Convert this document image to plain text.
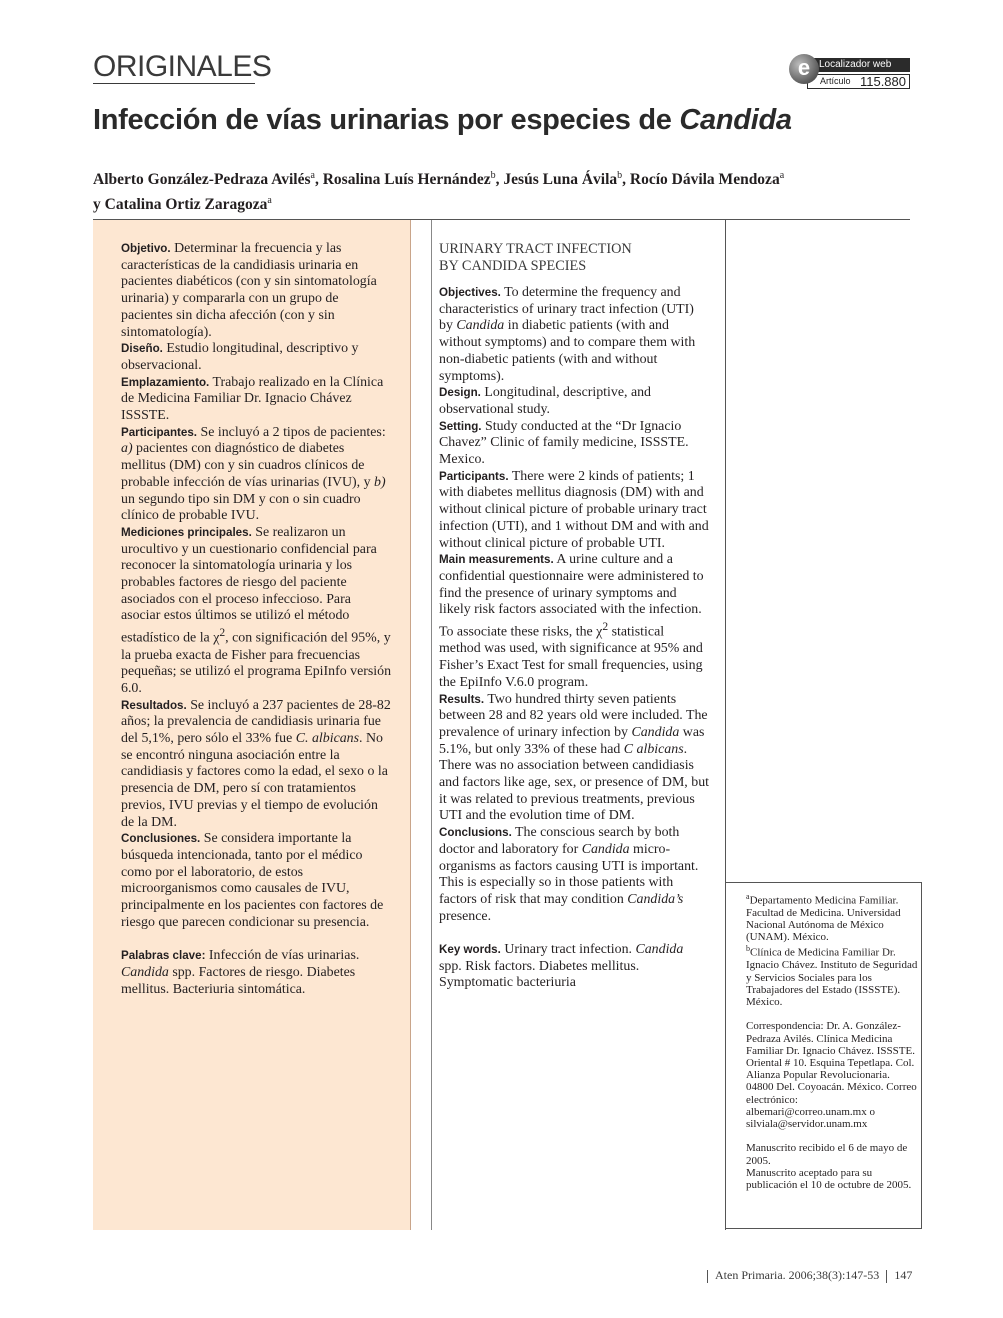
ORIGINALES	Localizador web
Artículo 115.880
e
Infección de vías urinarias por especies de Candida
Alberto González-Pedraza Avilés$^a$, Rosalina Luís Hernández$^b$, Jesús Luna Ávila$^b$, Rocío Dávila Mendoza$^a$
y Catalina Ortiz Zaragoza$^a$

Objetivo. Determinar la frecuencia y las características de la candidiasis urinaria en pacientes diabéticos (con y sin sintomatología urinaria) y compararla con un grupo de pacientes sin dicha afección (con y sin sintomatología).

Diseño. Estudio longitudinal, descriptivo y observacional.

Emplazamiento. Trabajo realizado en la Clínica de Medicina Familiar Dr. Ignacio Chávez ISSSTE.

Participantes. Se incluyó a 2 tipos de pacientes: a) pacientes con diagnóstico de diabetes mellitus (DM) con y sin cuadros clínicos de probable infección de vías urinarias (IVU), y b) un segundo tipo sin DM y con o sin cuadro clínico de probable IVU.

Mediciones principales. Se realizaron un urocultivo y un cuestionario confidencial para reconocer la sintomatología urinaria y los probables factores de riesgo del paciente asociados con el proceso infeccioso. Para asociar estos últimos se utilizó el método estadístico de la $\chi^2$, con significación del 95%, y la prueba exacta de Fisher para frecuencias pequeñas; se utilizó el programa EpiInfo versión 6.0.

Resultados. Se incluyó a 237 pacientes de 28-82 años; la prevalencia de candidiasis urinaria fue del 5,1%, pero sólo el 33% fue C. albicans. No se encontró ninguna asociación entre la candidiasis y factores como la edad, el sexo o la presencia de DM, pero sí con tratamientos previos, IVU previas y el tiempo de evolución de la DM.

Conclusiones. Se considera importante la búsqueda intencionada, tanto por el médico como por el laboratorio, de estos microorganismos como causales de IVU, principalmente en los pacientes con factores de riesgo que parecen condicionar su presencia.

Palabras clave: Infección de vías urinarias. Candida spp. Factores de riesgo. Diabetes mellitus. Bacteriuria sintomática.

URINARY TRACT INFECTION
BY CANDIDA SPECIES

Objectives. To determine the frequency and characteristics of urinary tract infection (UTI) by Candida in diabetic patients (with and without symptoms) and to compare them with non-diabetic patients (with and without symptoms).

Design. Longitudinal, descriptive, and observational study.

Setting. Study conducted at the “Dr Ignacio Chavez” Clinic of family medicine, ISSSTE. Mexico.

Participants. There were 2 kinds of patients; 1 with diabetes mellitus diagnosis (DM) with and without clinical picture of probable urinary tract infection (UTI), and 1 without DM and with and without clinical picture of probable UTI.

Main measurements. A urine culture and a confidential questionnaire were administered to find the presence of urinary symptoms and likely risk factors associated with the infection. To associate these risks, the $\chi^2$ statistical method was used, with significance at 95% and Fisher’s Exact Test for small frequencies, using the EpiInfo V.6.0 program.

Results. Two hundred thirty seven patients between 28 and 82 years old were included. The prevalence of urinary infection by Candida was 5.1%, but only 33% of these had C albicans. There was no association between candidiasis and factors like age, sex, or presence of DM, but it was related to previous treatments, previous UTI and the evolution time of DM.

Conclusions. The conscious search by both doctor and laboratory for Candida micro-organisms as factors causing UTI is important. This is especially so in those patients with factors of risk that may condition Candida’s presence.

Key words. Urinary tract infection. Candida spp. Risk factors. Diabetes mellitus. Symptomatic bacteriuria

$^a$Departamento Medicina Familiar. Facultad de Medicina. Universidad Nacional Autónoma de México (UNAM). México.

$^b$Clínica de Medicina Familiar Dr. Ignacio Chávez. Instituto de Seguridad y Servicios Sociales para los Trabajadores del Estado (ISSSTE). México.

Correspondencia: Dr. A. González-Pedraza Avilés. Clínica Medicina Familiar Dr. Ignacio Chávez. ISSSTE. Oriental # 10. Esquina Tepetlapa. Col. Alianza Popular Revolucionaria. 04800 Del. Coyoacán. México. Correo electrónico: albemari@correo.unam.mx o silviala@servidor.unam.mx

Manuscrito recibido el 6 de mayo de 2005.

Manuscrito aceptado para su publicación el 10 de octubre de 2005.

Aten Primaria. 2006;38(3):147-53 147
